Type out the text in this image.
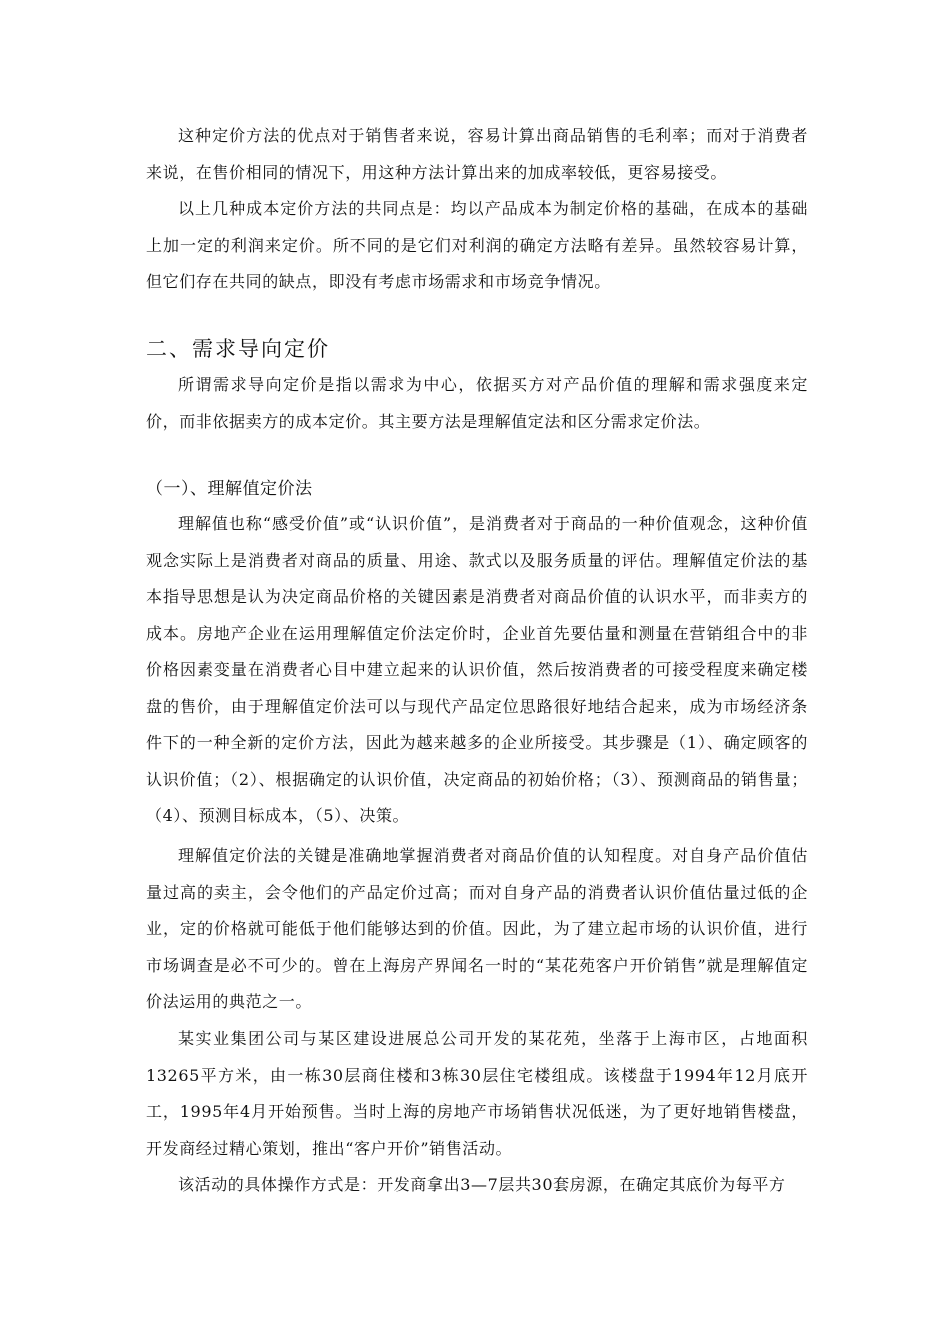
这种定价方法的优点对于销售者来说，容易计算出商品销售的毛利率；而对于消费者来说，在售价相同的情况下，用这种方法计算出来的加成率较低，更容易接受。

以上几种成本定价方法的共同点是：均以产品成本为制定价格的基础，在成本的基础上加一定的利润来定价。所不同的是它们对利润的确定方法略有差异。虽然较容易计算，但它们存在共同的缺点，即没有考虑市场需求和市场竞争情况。

二、需求导向定价

所谓需求导向定价是指以需求为中心，依据买方对产品价值的理解和需求强度来定价，而非依据卖方的成本定价。其主要方法是理解值定法和区分需求定价法。

（一）、理解值定价法

理解值也称“感受价值”或“认识价值”，是消费者对于商品的一种价值观念，这种价值观念实际上是消费者对商品的质量、用途、款式以及服务质量的评估。理解值定价法的基本指导思想是认为决定商品价格的关键因素是消费者对商品价值的认识水平，而非卖方的成本。房地产企业在运用理解值定价法定价时，企业首先要估量和测量在营销组合中的非价格因素变量在消费者心目中建立起来的认识价值，然后按消费者的可接受程度来确定楼盘的售价，由于理解值定价法可以与现代产品定位思路很好地结合起来，成为市场经济条件下的一种全新的定价方法，因此为越来越多的企业所接受。其步骤是（1）、确定顾客的认识价值；（2）、根据确定的认识价值，决定商品的初始价格；（3）、预测商品的销售量；（4）、预测目标成本，（5）、决策。

理解值定价法的关键是准确地掌握消费者对商品价值的认知程度。对自身产品价值估量过高的卖主，会令他们的产品定价过高；而对自身产品的消费者认识价值估量过低的企业，定的价格就可能低于他们能够达到的价值。因此，为了建立起市场的认识价值，进行市场调查是必不可少的。曾在上海房产界闻名一时的“某花苑客户开价销售”就是理解值定价法运用的典范之一。

某实业集团公司与某区建设进展总公司开发的某花苑，坐落于上海市区，占地面积13265平方米，由一栋30层商住楼和3栋30层住宅楼组成。该楼盘于1994年12月底开工，1995年4月开始预售。当时上海的房地产市场销售状况低迷，为了更好地销售楼盘，开发商经过精心策划，推出“客户开价”销售活动。

该活动的具体操作方式是：开发商拿出3—7层共30套房源，在确定其底价为每平方
